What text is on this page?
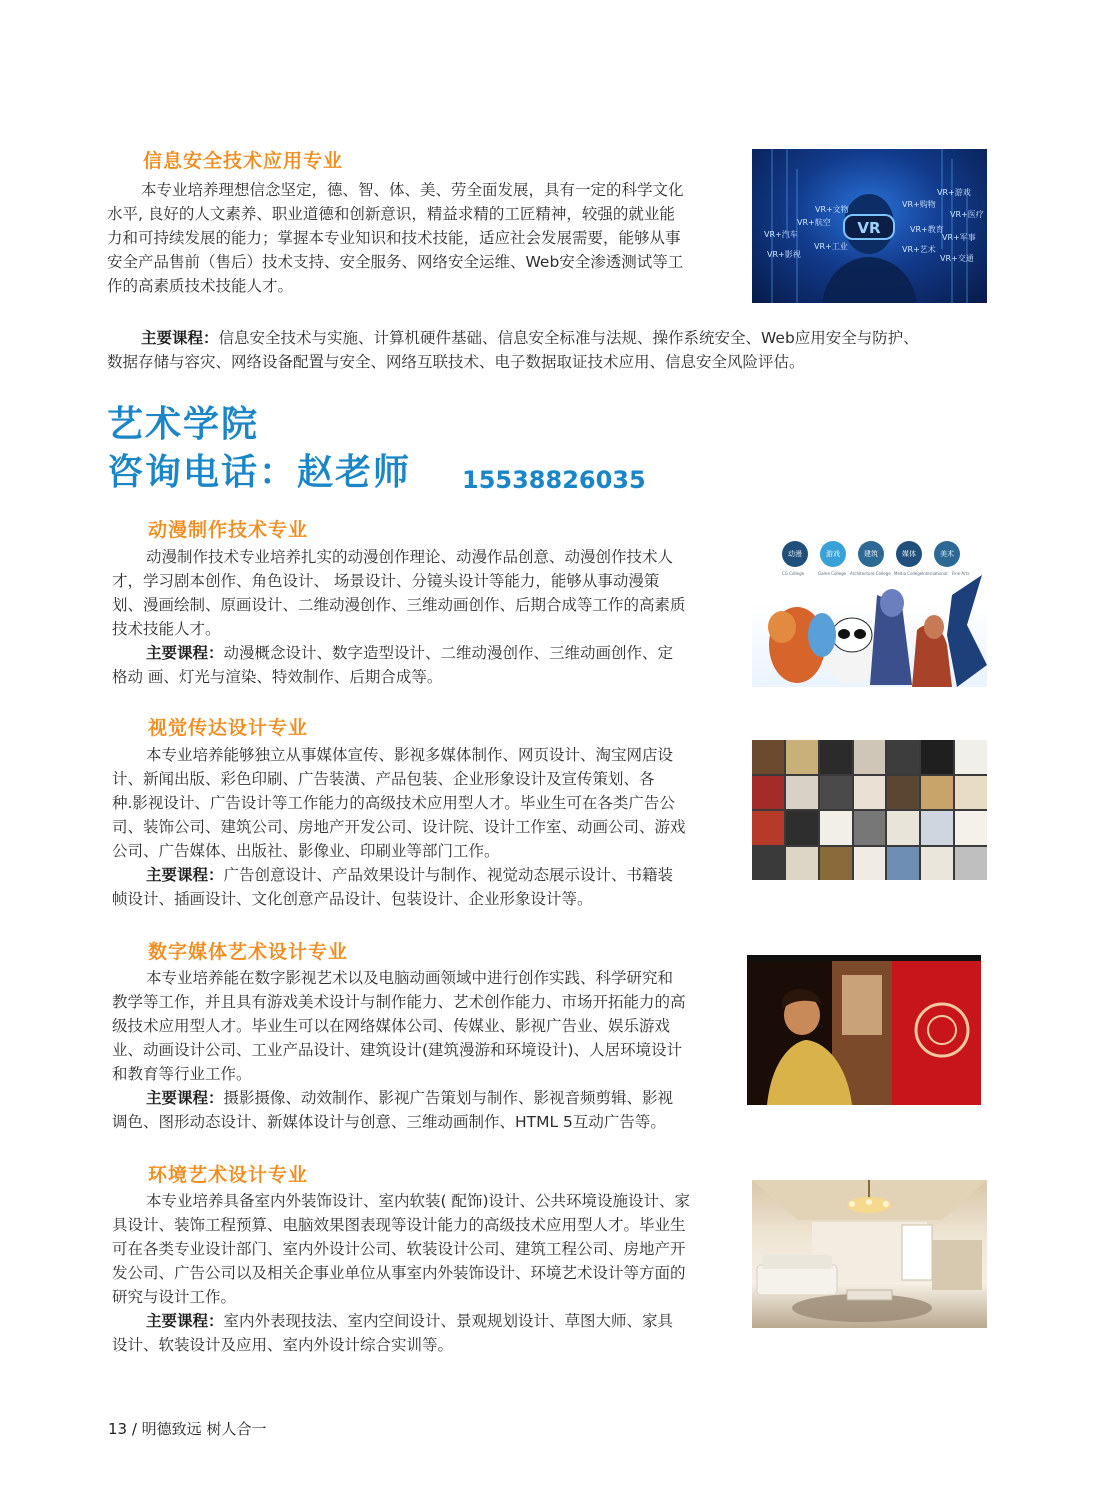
信息安全技术应用专业
本专业培养理想信念坚定，德、智、体、美、劳全面发展，具有一定的科学文化
水平, 良好的人文素养、职业道德和创新意识，精益求精的工匠精神，较强的就业能
力和可持续发展的能力；掌握本专业知识和技术技能，适应社会发展需要，能够从事
安全产品售前（售后）技术支持、安全服务、网络安全运维、Web安全渗透测试等工
作的高素质技术技能人才。
VR
VR+文物
VR+游戏
VR+购物
VR+医疗
VR+汽车
VR+航空
VR+教育
VR+军事
VR+影视
VR+工业	VR+艺术
VR+交通
主要课程：信息安全技术与实施、计算机硬件基础、信息安全标准与法规、操作系统安全、Web应用安全与防护、
数据存储与容灾、网络设备配置与安全、网络互联技术、电子数据取证技术应用、信息安全风险评估。
艺术学院
咨询电话：赵老师 15538826035
动漫制作技术专业
动漫制作技术专业培养扎实的动漫创作理论、动漫作品创意、动漫创作技术人
才，学习剧本创作、角色设计、 场景设计、分镜头设计等能力，能够从事动漫策
划、漫画绘制、原画设计、二维动漫创作、三维动画创作、后期合成等工作的高素质
技术技能人才。
主要课程：动漫概念设计、数字造型设计、二维动漫创作、三维动画创作、定
格动 画、灯光与渲染、特效制作、后期合成等。
动漫	游戏	建筑	媒体	美术
CG College	Game College Architecture College Media College International Fine Arts
视觉传达设计专业
本专业培养能够独立从事媒体宣传、影视多媒体制作、网页设计、淘宝网店设
计、新闻出版、彩色印刷、广告装潢、产品包装、企业形象设计及宣传策划、各
种.影视设计、广告设计等工作能力的高级技术应用型人才。毕业生可在各类广告公
司、装饰公司、建筑公司、房地产开发公司、设计院、设计工作室、动画公司、游戏
公司、广告媒体、出版社、影像业、印刷业等部门工作。
主要课程：广告创意设计、产品效果设计与制作、视觉动态展示设计、书籍装
帧设计、插画设计、文化创意产品设计、包装设计、企业形象设计等。
数字媒体艺术设计专业
本专业培养能在数字影视艺术以及电脑动画领域中进行创作实践、科学研究和
教学等工作，并且具有游戏美术设计与制作能力、艺术创作能力、市场开拓能力的高
级技术应用型人才。毕业生可以在网络媒体公司、传媒业、影视广告业、娱乐游戏
业、动画设计公司、工业产品设计、建筑设计(建筑漫游和环境设计)、人居环境设计
和教育等行业工作。
主要课程：摄影摄像、动效制作、影视广告策划与制作、影视音频剪辑、影视
调色、图形动态设计、新媒体设计与创意、三维动画制作、HTML 5互动广告等。
环境艺术设计专业
本专业培养具备室内外装饰设计、室内软装( 配饰)设计、公共环境设施设计、家
具设计、装饰工程预算、电脑效果图表现等设计能力的高级技术应用型人才。毕业生
可在各类专业设计部门、室内外设计公司、软装设计公司、建筑工程公司、房地产开
发公司、广告公司以及相关企事业单位从事室内外装饰设计、环境艺术设计等方面的
研究与设计工作。
主要课程：室内外表现技法、室内空间设计、景观规划设计、草图大师、家具
设计、软装设计及应用、室内外设计综合实训等。
13 / 明德致远 树人合一
